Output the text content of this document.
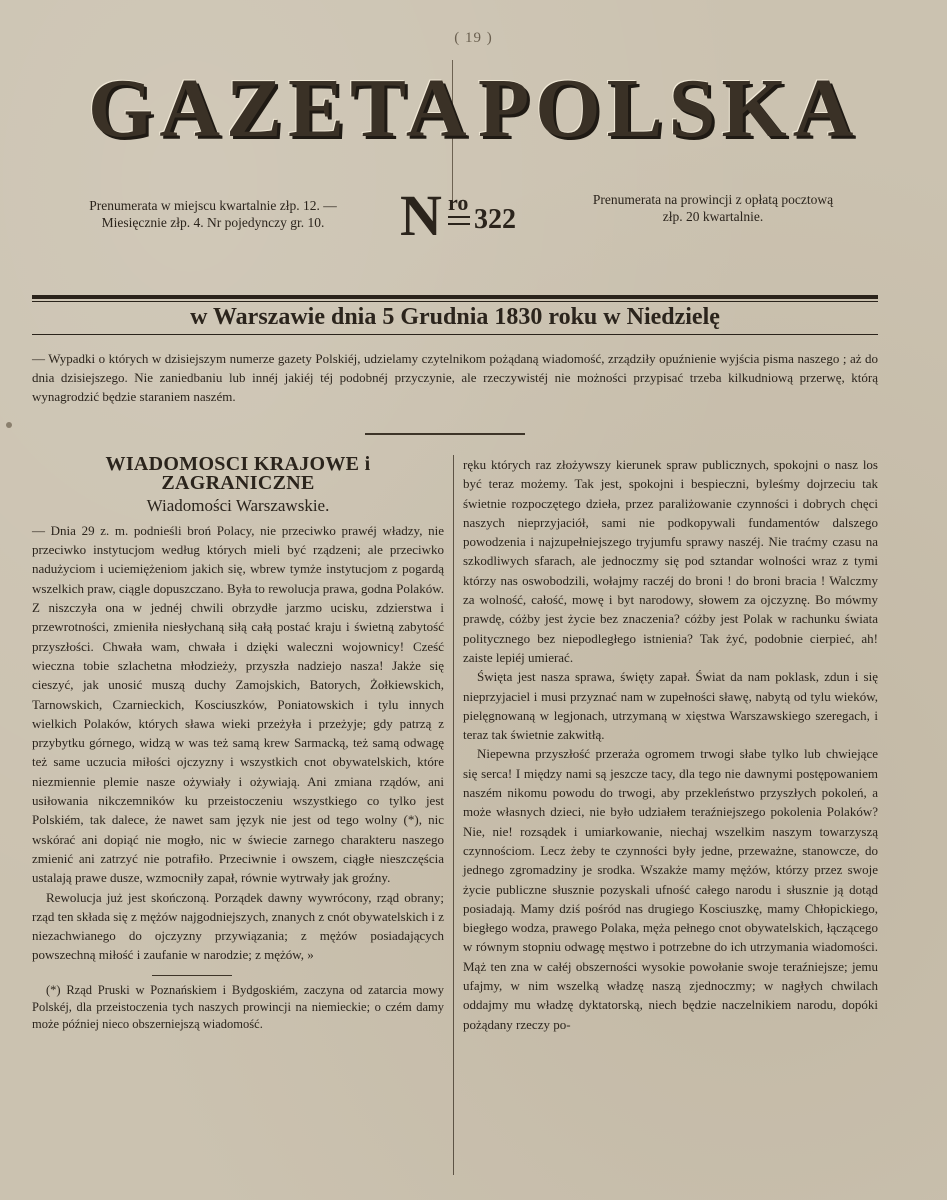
( 19 )
GAZETA POLSKA
Prenumerata w miejscu kwartalnie złp. 12. — Miesięcznie złp. 4. Nr pojedynczy gr. 10.	N ro
322
Prenumerata na prowincji z opłatą pocztową złp. 20 kwartalnie.
w Warszawie dnia 5 Grudnia 1830 roku w Niedzielę
— Wypadki o których w dzisiejszym numerze gazety Polskiéj, udzielamy czytelnikom pożądaną wiadomość, zrządziły opuźnienie wyjścia pisma naszego ; aż do dnia dzisiejszego. Nie zaniedbaniu lub innéj jakiéj téj podobnéj przyczynie, ale rzeczywistéj nie możności przypisać trzeba kilkudniową przerwę, którą wynagrodzić będzie staraniem naszém.
WIADOMOSCI KRAJOWE i ZAGRANICZNE
Wiadomości Warszawskie.

— Dnia 29 z. m. podnieśli broń Polacy, nie przeciwko prawéj władzy, nie przeciwko instytucjom według których mieli być rządzeni; ale przeciwko nadużyciom i uciemiężeniom jakich się, wbrew tymże instytucjom z pogardą wszelkich praw, ciągle dopuszczano. Była to rewolucja prawa, godna Polaków. Z niszczyła ona w jednéj chwili obrzydłe jarzmo ucisku, zdzierstwa i przewrotności, zmieniła niesłychaną siłą całą postać kraju i świetną zabytość przyszłości. Chwała wam, chwała i dzięki waleczni wojownicy! Cześć wieczna tobie szlachetna młodzieży, przyszła nadziejo nasza! Jakże się cieszyć, jak unosić muszą duchy Zamojskich, Batorych, Żołkiewskich, Tarnowskich, Czarnieckich, Kosciuszków, Poniatowskich i tylu innych wielkich Polaków, których sława wieki przeżyła i przeżyje; gdy patrzą z przybytku górnego, widzą w was też samą krew Sarmacką, też samą odwagę też same uczucia miłości ojczyzny i wszystkich cnot obywatelskich, które niezmiennie plemie nasze ożywiały i ożywiają. Ani zmiana rządów, ani usiłowania nikczemników ku przeistoczeniu wszystkiego co tylko jest Polskiém, tak dalece, że nawet sam język nie jest od tego wolny (*), nic wskórać ani dopiąć nie mogło, nic w świecie zarnego charakteru naszego zmienić ani zatrzyć nie potrafiło. Przeciwnie i owszem, ciągłe nieszczęścia ustalają prawe dusze, wzmocniły zapał, równie wytrwały jak groźny.

Rewolucja już jest skończoną. Porządek dawny wywrócony, rząd obrany; rząd ten składa się z mężów najgodniejszych, znanych z cnót obywatelskich i z niezachwianego do ojczyzny przywiązania; z mężów posiadających powszechną miłość i zaufanie w narodzie; z mężów, »

(*) Rząd Pruski w Poznańskiem i Bydgoskiém, zaczyna od zatarcia mowy Polskéj, dla przeistoczenia tych naszych prowincji na niemieckie; o czém damy może później nieco obszerniejszą wiadomość.

ręku których raz złożywszy kierunek spraw publicznych, spokojni o nasz los być teraz możemy. Tak jest, spokojni i bespieczni, byleśmy dojrzeciu tak świetnie rozpoczętego dzieła, przez paraliżowanie czynności i dobrych chęci naszych nieprzyjaciół, sami nie podkopywali fundamentów dalszego powodzenia i najzupełniejszego tryjumfu sprawy naszéj. Nie traćmy czasu na szkodliwych sfarach, ale jednoczmy się pod sztandar wolności wraz z tymi którzy nas oswobodzili, wołajmy raczéj do broni ! do broni bracia ! Walczmy za wolność, całość, mowę i byt narodowy, słowem za ojczyznę. Bo mówmy prawdę, cóżby jest życie bez znaczenia? cóżby jest Polak w rachunku świata politycznego bez niepodległego istnienia? Tak żyć, podobnie cierpieć, ah! zaiste lepiéj umierać.

Święta jest nasza sprawa, święty zapał. Świat da nam poklask, zdun i się nieprzyjaciel i musi przyznać nam w zupełności sławę, nabytą od tylu wieków, pielęgnowaną w legjonach, utrzymaną w xięstwa Warszawskiego szeregach, i teraz tak świetnie zakwitłą.

Niepewna przyszłość przeraża ogromem trwogi słabe tylko lub chwiejące się serca! I między nami są jeszcze tacy, dla tego nie dawnymi postępowaniem naszém nikomu powodu do trwogi, aby przekleństwo przyszłych pokoleń, a może własnych dzieci, nie było udziałem teraźniejszego pokolenia Polaków? Nie, nie! rozsądek i umiarkowanie, niechaj wszelkim naszym towarzyszą czynnościom. Lecz żeby te czynności były jedne, przeważne, stanowcze, do jednego zgromadziny je srodka. Wszakże mamy mężów, którzy przez swoje życie publiczne słusznie pozyskali ufność całego narodu i słusznie ją dotąd posiadają. Mamy dziś pośród nas drugiego Kosciuszkę, mamy Chłopickiego, biegłego wodza, prawego Polaka, męża pełnego cnot obywatelskich, łączącego w równym stopniu odwagę męstwo i potrzebne do ich utrzymania wiadomości. Mąż ten zna w całéj obszerności wysokie powołanie swoje teraźniejsze; jemu ufajmy, w nim wszelką władzę naszą zjednoczmy; w nagłych chwilach oddajmy mu władzę dyktatorską, niech będzie naczelnikiem narodu, dopóki pożądany rzeczy po-
